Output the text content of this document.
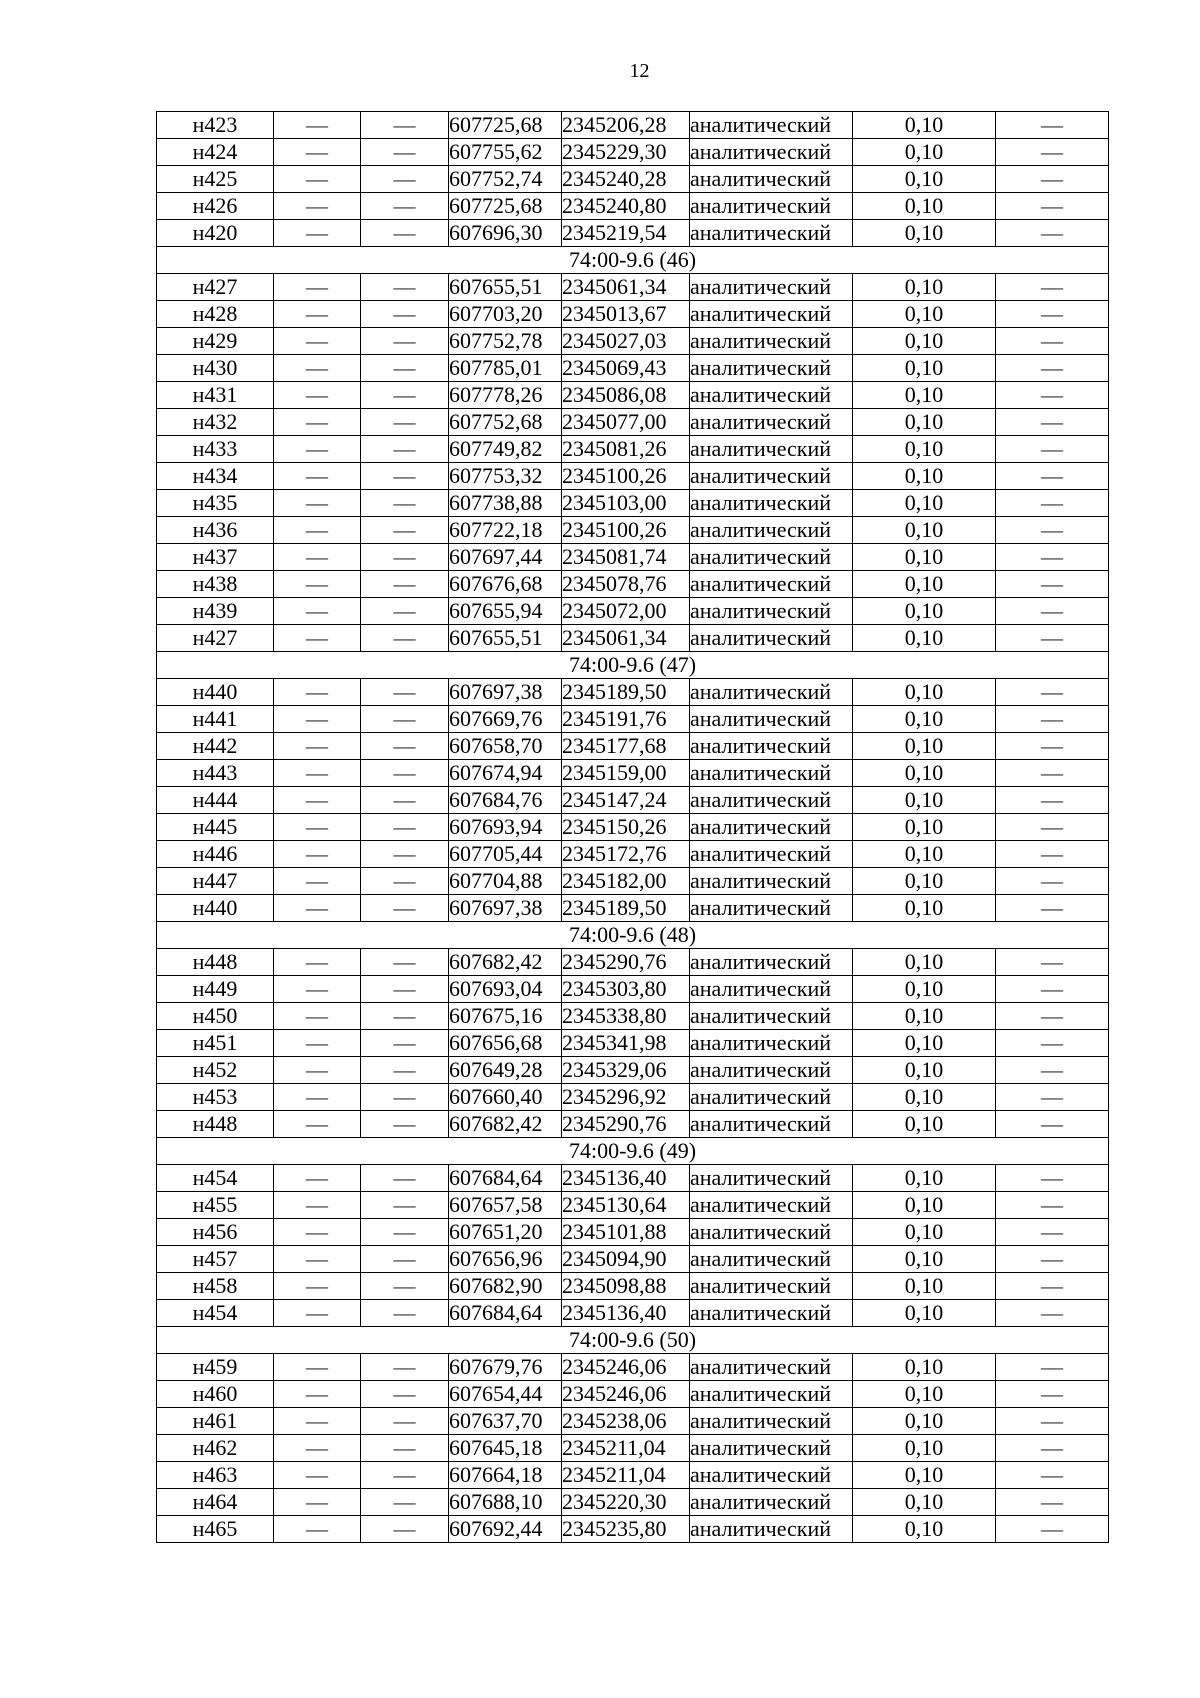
12
н423	—	—	607725,68	2345206,28	аналитический	0,10	—
н424	—	—	607755,62	2345229,30	аналитический	0,10	—
н425	—	—	607752,74	2345240,28	аналитический	0,10	—
н426	—	—	607725,68	2345240,80	аналитический	0,10	—
н420	—	—	607696,30	2345219,54	аналитический	0,10	—
74:00-9.6 (46)							
н427	—	—	607655,51	2345061,34	аналитический	0,10	—
н428	—	—	607703,20	2345013,67	аналитический	0,10	—
н429	—	—	607752,78	2345027,03	аналитический	0,10	—
н430	—	—	607785,01	2345069,43	аналитический	0,10	—
н431	—	—	607778,26	2345086,08	аналитический	0,10	—
н432	—	—	607752,68	2345077,00	аналитический	0,10	—
н433	—	—	607749,82	2345081,26	аналитический	0,10	—
н434	—	—	607753,32	2345100,26	аналитический	0,10	—
н435	—	—	607738,88	2345103,00	аналитический	0,10	—
н436	—	—	607722,18	2345100,26	аналитический	0,10	—
н437	—	—	607697,44	2345081,74	аналитический	0,10	—
н438	—	—	607676,68	2345078,76	аналитический	0,10	—
н439	—	—	607655,94	2345072,00	аналитический	0,10	—
н427	—	—	607655,51	2345061,34	аналитический	0,10	—
74:00-9.6 (47)							
н440	—	—	607697,38	2345189,50	аналитический	0,10	—
н441	—	—	607669,76	2345191,76	аналитический	0,10	—
н442	—	—	607658,70	2345177,68	аналитический	0,10	—
н443	—	—	607674,94	2345159,00	аналитический	0,10	—
н444	—	—	607684,76	2345147,24	аналитический	0,10	—
н445	—	—	607693,94	2345150,26	аналитический	0,10	—
н446	—	—	607705,44	2345172,76	аналитический	0,10	—
н447	—	—	607704,88	2345182,00	аналитический	0,10	—
н440	—	—	607697,38	2345189,50	аналитический	0,10	—
74:00-9.6 (48)							
н448	—	—	607682,42	2345290,76	аналитический	0,10	—
н449	—	—	607693,04	2345303,80	аналитический	0,10	—
н450	—	—	607675,16	2345338,80	аналитический	0,10	—
н451	—	—	607656,68	2345341,98	аналитический	0,10	—
н452	—	—	607649,28	2345329,06	аналитический	0,10	—
н453	—	—	607660,40	2345296,92	аналитический	0,10	—
н448	—	—	607682,42	2345290,76	аналитический	0,10	—
74:00-9.6 (49)							
н454	—	—	607684,64	2345136,40	аналитический	0,10	—
н455	—	—	607657,58	2345130,64	аналитический	0,10	—
н456	—	—	607651,20	2345101,88	аналитический	0,10	—
н457	—	—	607656,96	2345094,90	аналитический	0,10	—
н458	—	—	607682,90	2345098,88	аналитический	0,10	—
н454	—	—	607684,64	2345136,40	аналитический	0,10	—
74:00-9.6 (50)							
н459	—	—	607679,76	2345246,06	аналитический	0,10	—
н460	—	—	607654,44	2345246,06	аналитический	0,10	—
н461	—	—	607637,70	2345238,06	аналитический	0,10	—
н462	—	—	607645,18	2345211,04	аналитический	0,10	—
н463	—	—	607664,18	2345211,04	аналитический	0,10	—
н464	—	—	607688,10	2345220,30	аналитический	0,10	—
н465	—	—	607692,44	2345235,80	аналитический	0,10	—
